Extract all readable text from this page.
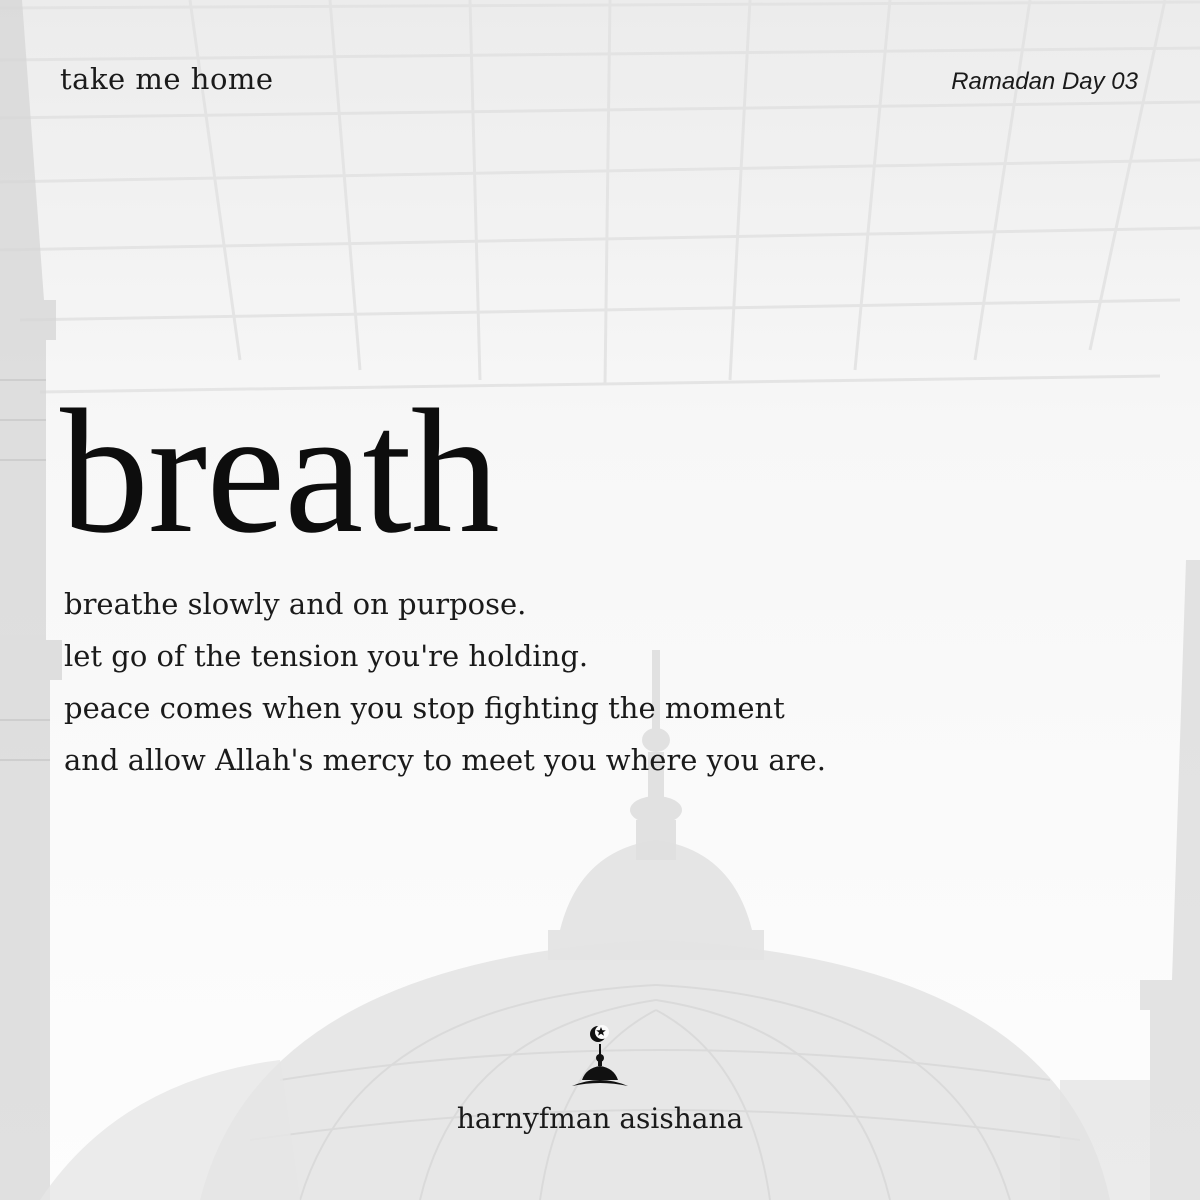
take me home	Ramadan Day 03
breath
breathe slowly and on purpose.
let go of the tension you're holding.
peace comes when you stop fighting the moment
and allow Allah's mercy to meet you where you are.
harnyfman asishana
